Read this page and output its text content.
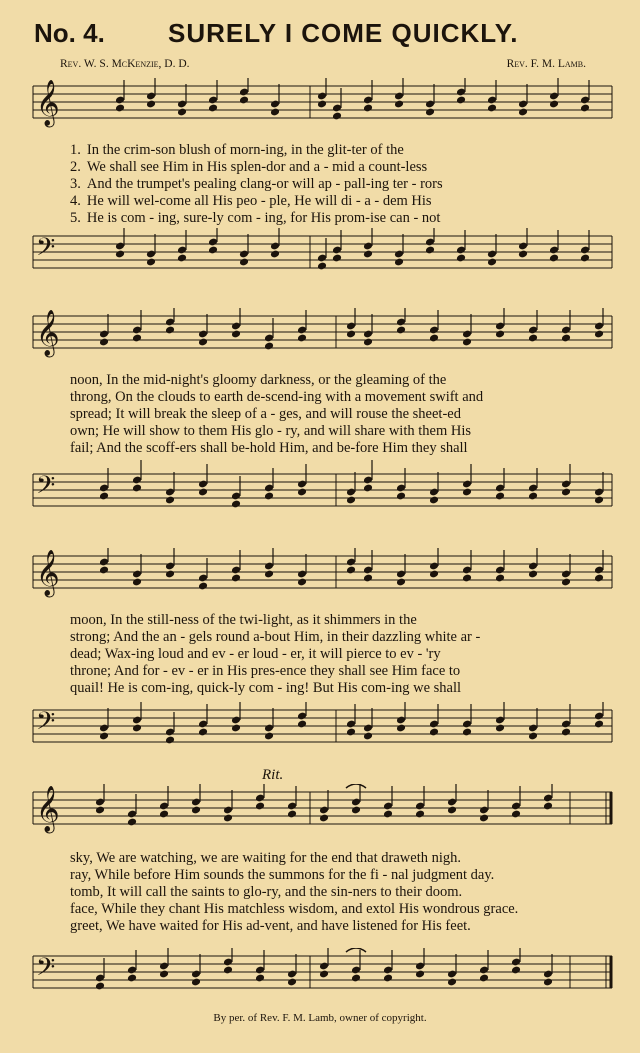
No. 4. SURELY I COME QUICKLY.
Rev. W. S. McKenzie, D. D.	Rev. F. M. Lamb.
𝄞
1. In the crim-son blush of morn-ing, in the glit-ter of the
2. We shall see Him in His splen-dor and a - mid a count-less
3. And the trumpet's pealing clang-or will ap - pall-ing ter - rors
4. He will wel-come all His peo - ple, He will di - a - dem His
5. He is com - ing, sure-ly com - ing, for His prom-ise can - not
𝄢
𝄞
noon, In the mid-night's gloomy darkness, or the gleaming of the
throng, On the clouds to earth de-scend-ing with a movement swift and
spread; It will break the sleep of a - ges, and will rouse the sheet-ed
own; He will show to them His glo - ry, and will share with them His
fail; And the scoff-ers shall be-hold Him, and be-fore Him they shall
𝄢
𝄞
moon, In the still-ness of the twi-light, as it shimmers in the
strong; And the an - gels round a-bout Him, in their dazzling white ar -
dead; Wax-ing loud and ev - er loud - er, it will pierce to ev - 'ry
throne; And for - ev - er in His pres-ence they shall see Him face to
quail! He is com-ing, quick-ly com - ing! But His com-ing we shall
𝄢
Rit.
𝄞
sky, We are watching, we are waiting for the end that draweth nigh.
ray, While before Him sounds the summons for the fi - nal judgment day.
tomb, It will call the saints to glo-ry, and the sin-ners to their doom.
face, While they chant His matchless wisdom, and extol His wondrous grace.
greet, We have waited for His ad-vent, and have listened for His feet.
𝄢
By per. of Rev. F. M. Lamb, owner of copyright.
